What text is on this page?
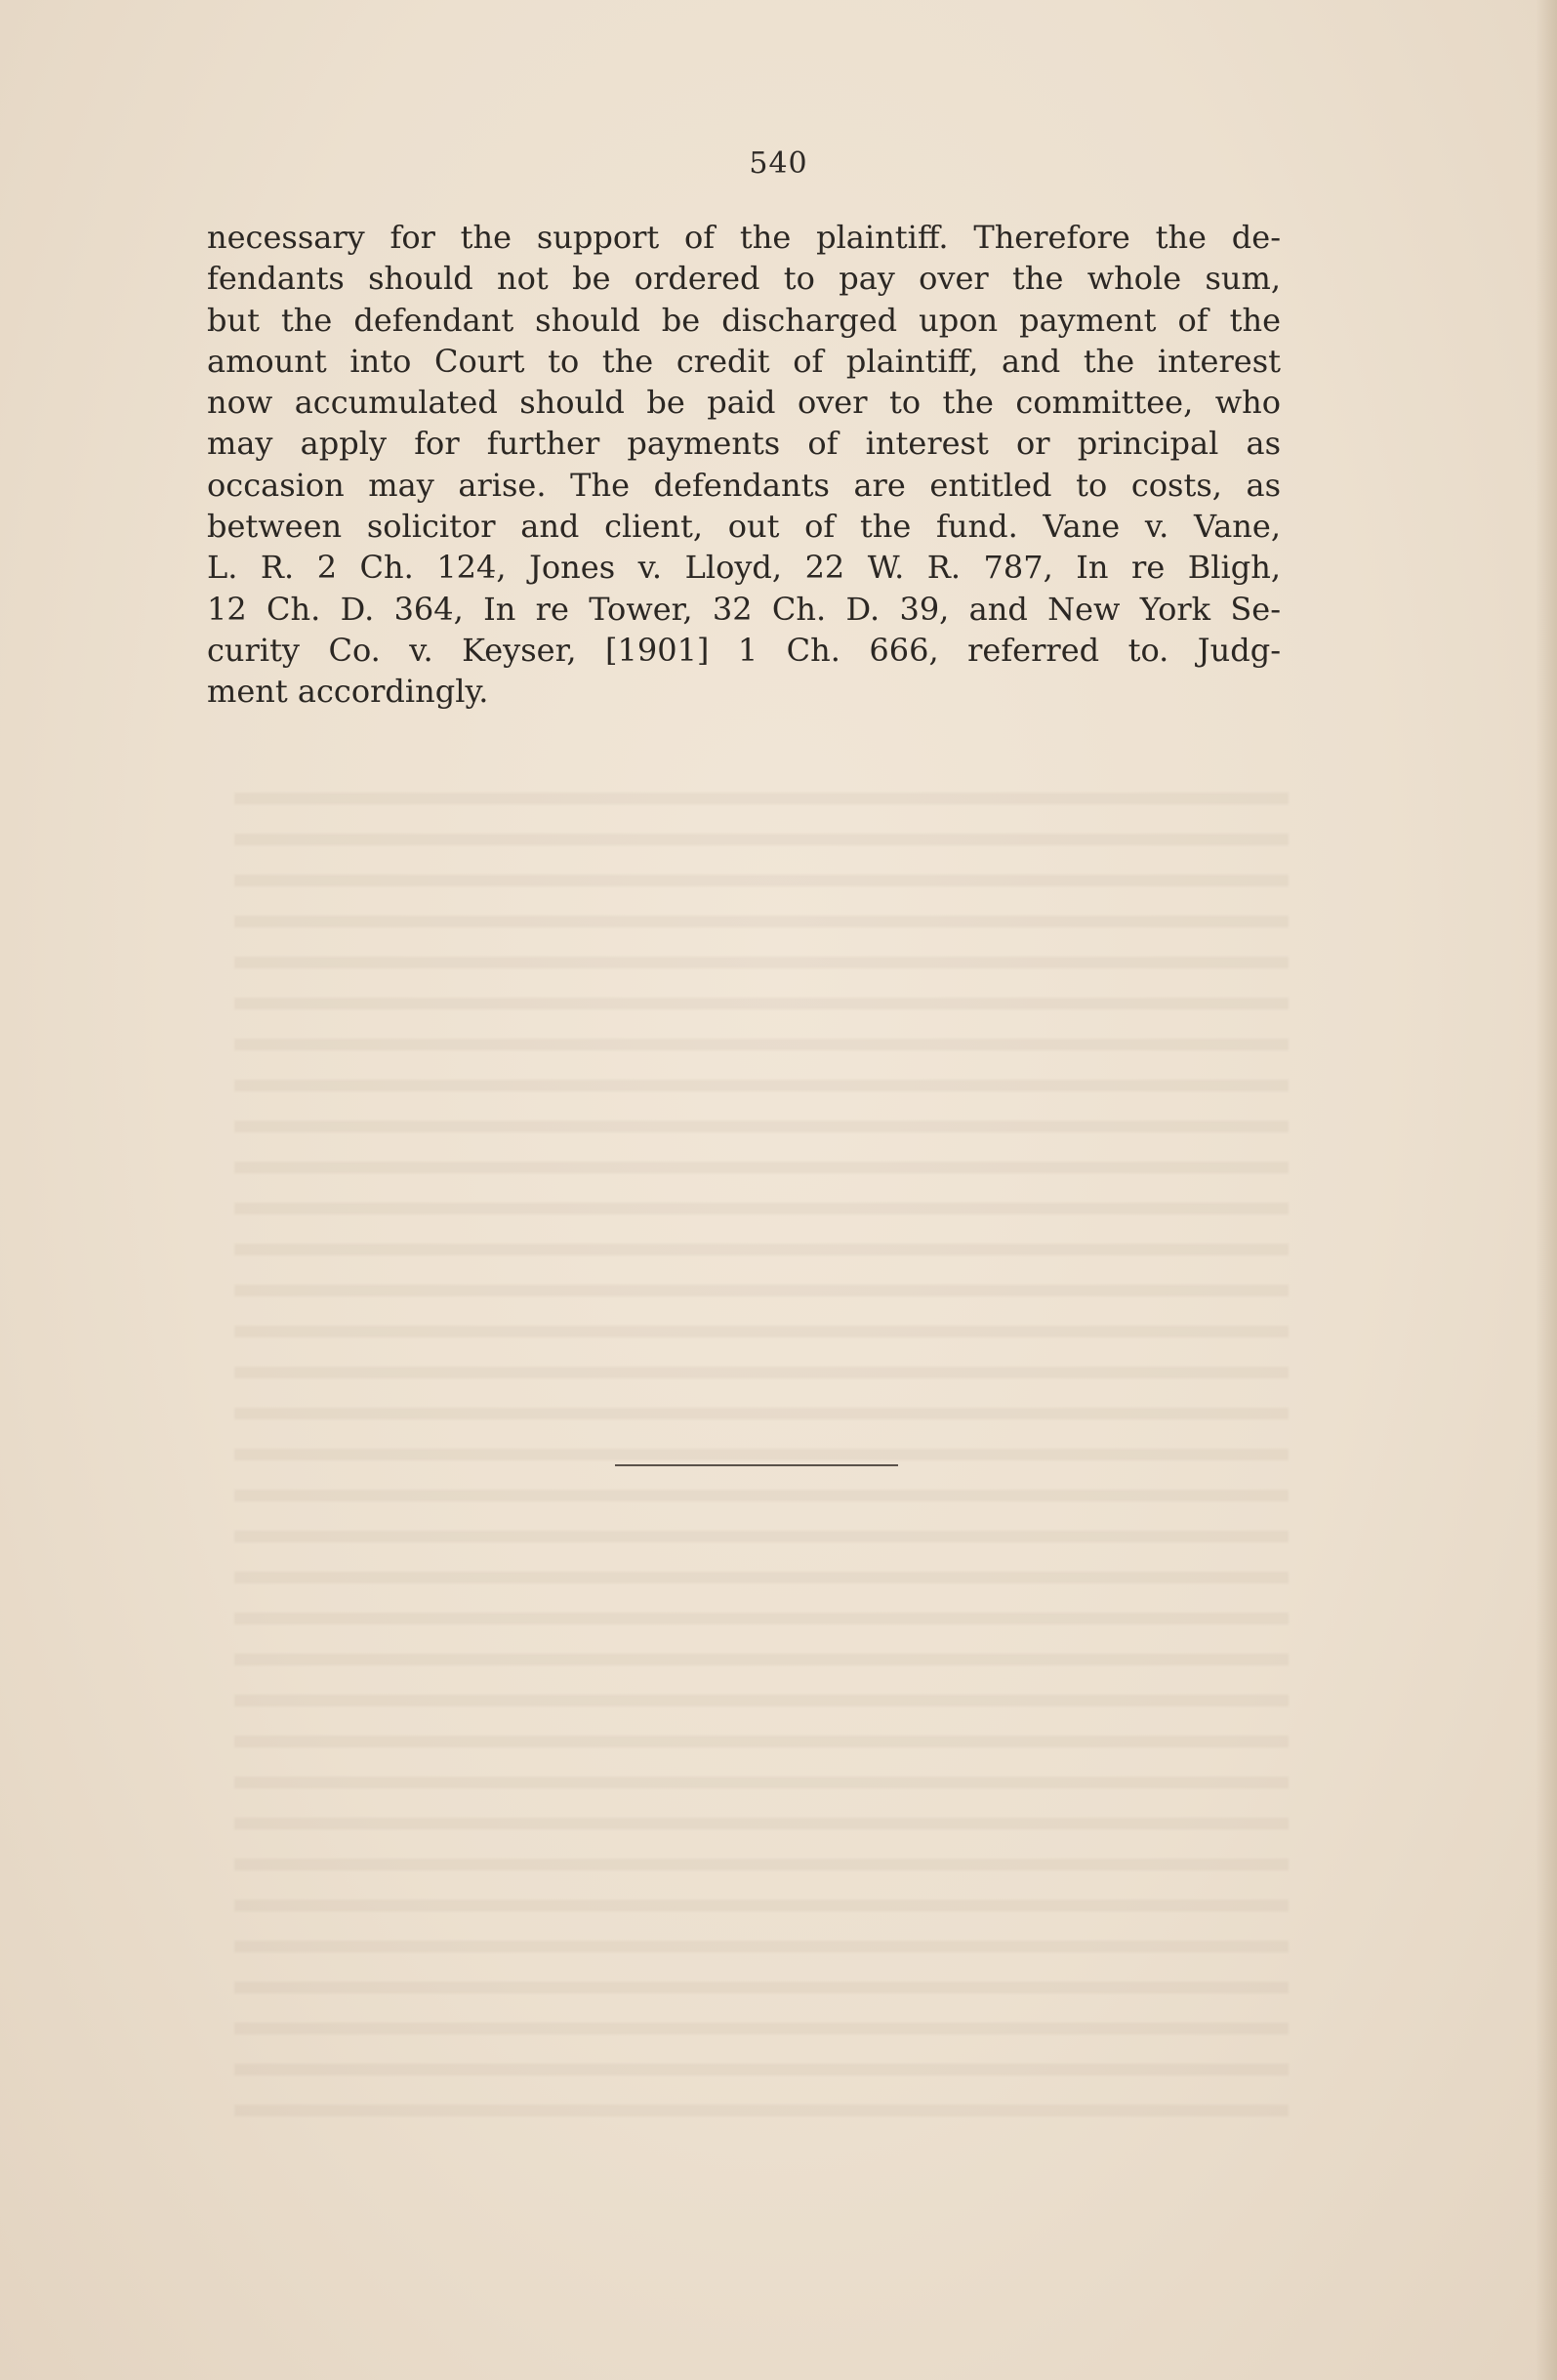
540
necessary for the support of the plaintiff. Therefore the de-
fendants should not be ordered to pay over the whole sum,
but the defendant should be discharged upon payment of the
amount into Court to the credit of plaintiff, and the interest
now accumulated should be paid over to the committee, who
may apply for further payments of interest or principal as
occasion may arise. The defendants are entitled to costs, as
between solicitor and client, out of the fund. Vane v. Vane,
L. R. 2 Ch. 124, Jones v. Lloyd, 22 W. R. 787, In re Bligh,
12 Ch. D. 364, In re Tower, 32 Ch. D. 39, and New York Se-
curity Co. v. Keyser, [1901] 1 Ch. 666, referred to. Judg-
ment accordingly.
